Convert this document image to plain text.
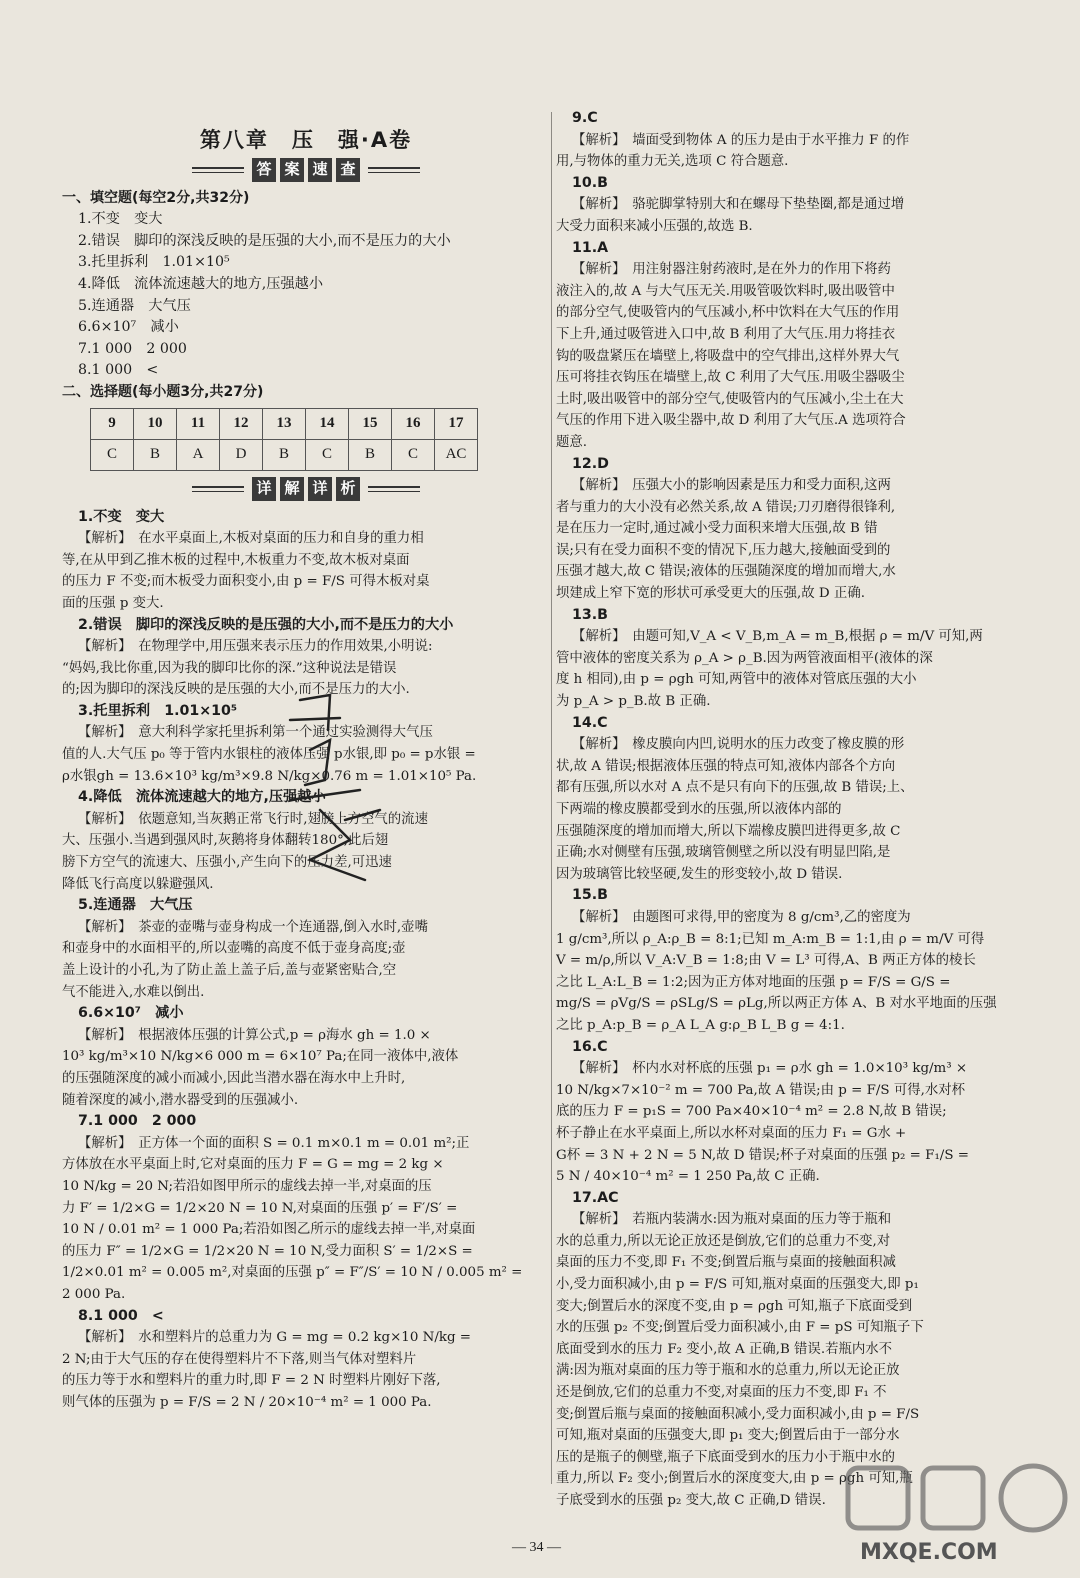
第八章　压　强·A卷
答 案 速 查
一、填空题(每空2分,共32分)
1.不变　变大
2.错误　脚印的深浅反映的是压强的大小,而不是压力的大小
3.托里拆利　1.01×10⁵
4.降低　流体流速越大的地方,压强越小
5.连通器　大气压
6.6×10⁷　减小
7.1 000　2 000
8.1 000　<
二、选择题(每小题3分,共27分)
9	10	11	12	13	14	15	16	17
C	B	A	D	B	C	B	C	AC
详 解 详 析
1.不变　变大
【解析】　在水平桌面上,木板对桌面的压力和自身的重力相
等,在从甲到乙推木板的过程中,木板重力不变,故木板对桌面
的压力 F 不变;而木板受力面积变小,由 p = F/S 可得木板对桌
面的压强 p 变大.
2.错误　脚印的深浅反映的是压强的大小,而不是压力的大小
【解析】　在物理学中,用压强来表示压力的作用效果,小明说:
“妈妈,我比你重,因为我的脚印比你的深.”这种说法是错误
的;因为脚印的深浅反映的是压强的大小,而不是压力的大小.
3.托里拆利　1.01×10⁵
【解析】　意大利科学家托里拆利第一个通过实验测得大气压
值的人.大气压 p₀ 等于管内水银柱的液体压强 p水银,即 p₀ = p水银 =
ρ水银gh = 13.6×10³ kg/m³×9.8 N/kg×0.76 m = 1.01×10⁵ Pa.
4.降低　流体流速越大的地方,压强越小
【解析】　依题意知,当灰鹅正常飞行时,翅膀上方空气的流速
大、压强小.当遇到强风时,灰鹅将身体翻转180°,此后翅
膀下方空气的流速大、压强小,产生向下的压力差,可迅速
降低飞行高度以躲避强风.
5.连通器　大气压
【解析】　茶壶的壶嘴与壶身构成一个连通器,倒入水时,壶嘴
和壶身中的水面相平的,所以壶嘴的高度不低于壶身高度;壶
盖上设计的小孔,为了防止盖上盖子后,盖与壶紧密贴合,空
气不能进入,水难以倒出.
6.6×10⁷　减小
【解析】　根据液体压强的计算公式,p = ρ海水 gh = 1.0 ×
10³ kg/m³×10 N/kg×6 000 m = 6×10⁷ Pa;在同一液体中,液体
的压强随深度的减小而减小,因此当潜水器在海水中上升时,
随着深度的减小,潜水器受到的压强减小.
7.1 000　2 000
【解析】　正方体一个面的面积 S = 0.1 m×0.1 m = 0.01 m²;正
方体放在水平桌面上时,它对桌面的压力 F = G = mg = 2 kg ×
10 N/kg = 20 N;若沿如图甲所示的虚线去掉一半,对桌面的压
力 F′ = 1/2×G = 1/2×20 N = 10 N,对桌面的压强 p′ = F′/S′ =
10 N / 0.01 m² = 1 000 Pa;若沿如图乙所示的虚线去掉一半,对桌面
的压力 F″ = 1/2×G = 1/2×20 N = 10 N,受力面积 S′ = 1/2×S =
1/2×0.01 m² = 0.005 m²,对桌面的压强 p″ = F″/S′ = 10 N / 0.005 m² =
2 000 Pa.
8.1 000　<
【解析】　水和塑料片的总重力为 G = mg = 0.2 kg×10 N/kg =
2 N;由于大气压的存在使得塑料片不下落,则当气体对塑料片
的压力等于水和塑料片的重力时,即 F = 2 N 时塑料片刚好下落,
则气体的压强为 p = F/S = 2 N / 20×10⁻⁴ m² = 1 000 Pa.
9.C
【解析】　墙面受到物体 A 的压力是由于水平推力 F 的作
用,与物体的重力无关,选项 C 符合题意.
10.B
【解析】　骆驼脚掌特别大和在螺母下垫垫圈,都是通过增
大受力面积来减小压强的,故选 B.
11.A
【解析】　用注射器注射药液时,是在外力的作用下将药
液注入的,故 A 与大气压无关.用吸管吸饮料时,吸出吸管中
的部分空气,使吸管内的气压减小,杯中饮料在大气压的作用
下上升,通过吸管进入口中,故 B 利用了大气压.用力将挂衣
钩的吸盘紧压在墙壁上,将吸盘中的空气排出,这样外界大气
压可将挂衣钩压在墙壁上,故 C 利用了大气压.用吸尘器吸尘
土时,吸出吸管中的部分空气,使吸管内的气压减小,尘土在大
气压的作用下进入吸尘器中,故 D 利用了大气压.A 选项符合
题意.
12.D
【解析】　压强大小的影响因素是压力和受力面积,这两
者与重力的大小没有必然关系,故 A 错误;刀刃磨得很锋利,
是在压力一定时,通过减小受力面积来增大压强,故 B 错
误;只有在受力面积不变的情况下,压力越大,接触面受到的
压强才越大,故 C 错误;液体的压强随深度的增加而增大,水
坝建成上窄下宽的形状可承受更大的压强,故 D 正确.
13.B
【解析】　由题可知,V_A < V_B,m_A = m_B,根据 ρ = m/V 可知,两
管中液体的密度关系为 ρ_A > ρ_B.因为两管液面相平(液体的深
度 h 相同),由 p = ρgh 可知,两管中的液体对管底压强的大小
为 p_A > p_B.故 B 正确.
14.C
【解析】　橡皮膜向内凹,说明水的压力改变了橡皮膜的形
状,故 A 错误;根据液体压强的特点可知,液体内部各个方向
都有压强,所以水对 A 点不是只有向下的压强,故 B 错误;上、
下两端的橡皮膜都受到水的压强,所以液体内部的
压强随深度的增加而增大,所以下端橡皮膜凹进得更多,故 C
正确;水对侧壁有压强,玻璃管侧壁之所以没有明显凹陷,是
因为玻璃管比较坚硬,发生的形变较小,故 D 错误.
15.B
【解析】　由题图可求得,甲的密度为 8 g/cm³,乙的密度为
1 g/cm³,所以 ρ_A:ρ_B = 8:1;已知 m_A:m_B = 1:1,由 ρ = m/V 可得
V = m/ρ,所以 V_A:V_B = 1:8;由 V = L³ 可得,A、B 两正方体的棱长
之比 L_A:L_B = 1:2;因为正方体对地面的压强 p = F/S = G/S =
mg/S = ρVg/S = ρSLg/S = ρLg,所以两正方体 A、B 对水平地面的压强
之比 p_A:p_B = ρ_A L_A g:ρ_B L_B g = 4:1.
16.C
【解析】　杯内水对杯底的压强 p₁ = ρ水 gh = 1.0×10³ kg/m³ ×
10 N/kg×7×10⁻² m = 700 Pa,故 A 错误;由 p = F/S 可得,水对杯
底的压力 F = p₁S = 700 Pa×40×10⁻⁴ m² = 2.8 N,故 B 错误;
杯子静止在水平桌面上,所以水杯对桌面的压力 F₁ = G水 +
G杯 = 3 N + 2 N = 5 N,故 D 错误;杯子对桌面的压强 p₂ = F₁/S =
5 N / 40×10⁻⁴ m² = 1 250 Pa,故 C 正确.
17.AC
【解析】　若瓶内装满水:因为瓶对桌面的压力等于瓶和
水的总重力,所以无论正放还是倒放,它们的总重力不变,对
桌面的压力不变,即 F₁ 不变;倒置后瓶与桌面的接触面积减
小,受力面积减小,由 p = F/S 可知,瓶对桌面的压强变大,即 p₁
变大;倒置后水的深度不变,由 p = ρgh 可知,瓶子下底面受到
水的压强 p₂ 不变;倒置后受力面积减小,由 F = pS 可知瓶子下
底面受到水的压力 F₂ 变小,故 A 正确,B 错误.若瓶内水不
满:因为瓶对桌面的压力等于瓶和水的总重力,所以无论正放
还是倒放,它们的总重力不变,对桌面的压力不变,即 F₁ 不
变;倒置后瓶与桌面的接触面积减小,受力面积减小,由 p = F/S
可知,瓶对桌面的压强变大,即 p₁ 变大;倒置后由于一部分水
压的是瓶子的侧壁,瓶子下底面受到水的压力小于瓶中水的
重力,所以 F₂ 变小;倒置后水的深度变大,由 p = ρgh 可知,瓶
子底受到水的压强 p₂ 变大,故 C 正确,D 错误.
MXQE.COM
— 34 —
